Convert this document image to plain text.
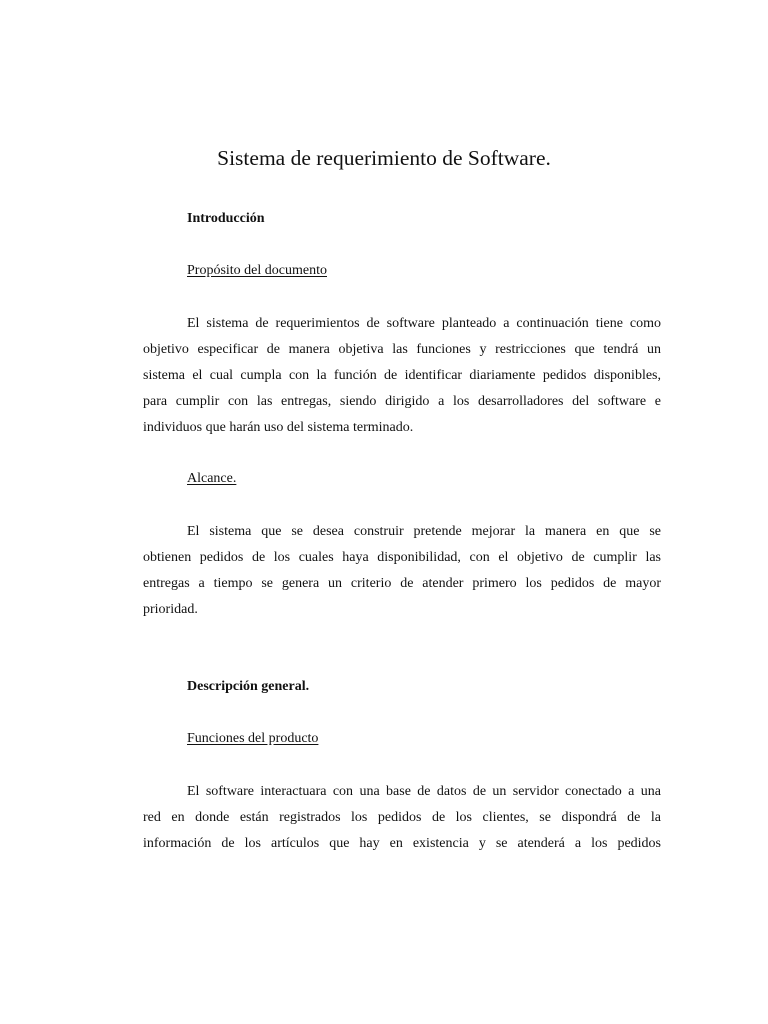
Sistema de requerimiento de Software.
Introducción
Propósito del documento
El sistema de requerimientos de software planteado a continuación tiene como
objetivo especificar de manera objetiva las funciones y restricciones que tendrá un
sistema el cual cumpla con la función de identificar diariamente pedidos disponibles,
para cumplir con las entregas, siendo dirigido a los desarrolladores del software e
individuos que harán uso del sistema terminado.
Alcance.
El sistema que se desea construir pretende mejorar la manera en que se
obtienen pedidos de los cuales haya disponibilidad, con el objetivo de cumplir las
entregas a tiempo se genera un criterio de atender primero los pedidos de mayor
prioridad.
Descripción general.
Funciones del producto
El software interactuara con una base de datos de un servidor conectado a una
red en donde están registrados los pedidos de los clientes, se dispondrá de la
información de los artículos que hay en existencia y se atenderá a los pedidos
